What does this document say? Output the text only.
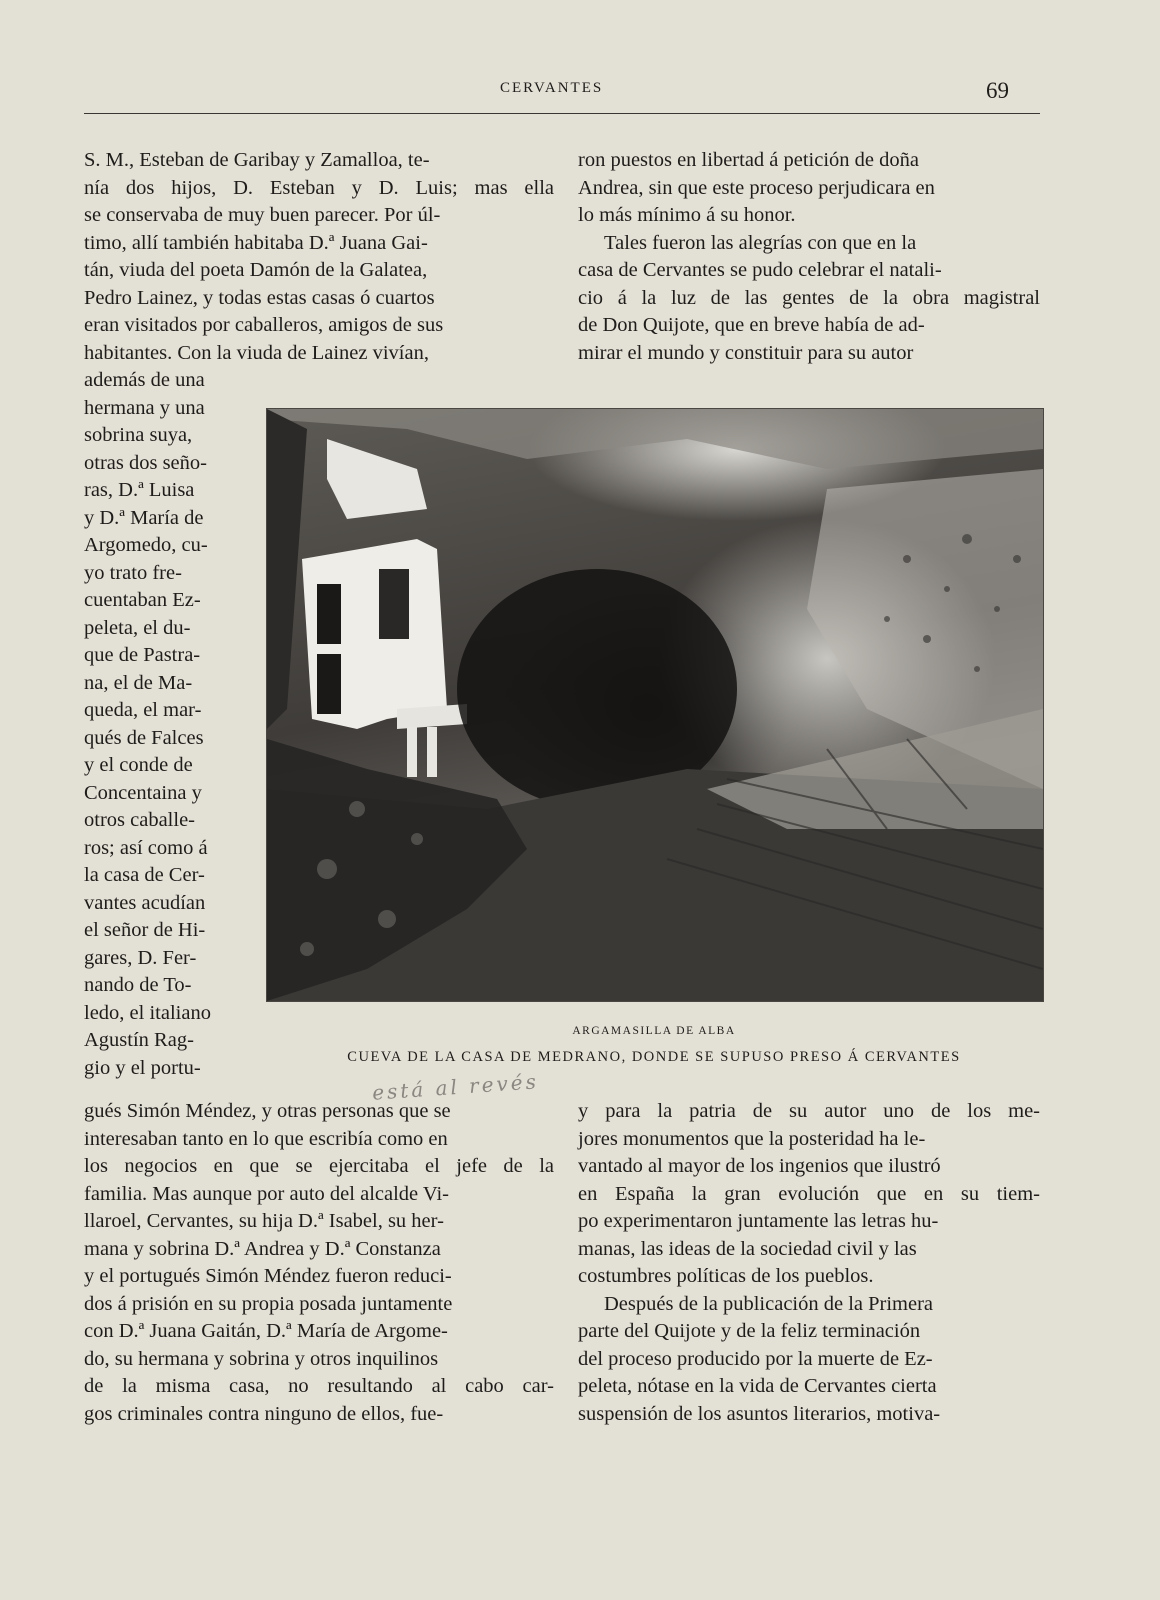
CERVANTES	69
S. M., Esteban de Garibay y Zamalloa, te-
nía dos hijos, D. Esteban y D. Luis; mas ella
se conservaba de muy buen parecer. Por úl-
timo, allí también habitaba D.ª Juana Gai-
tán, viuda del poeta Damón de la Galatea,
Pedro Lainez, y todas estas casas ó cuartos
eran visitados por caballeros, amigos de sus
habitantes. Con la viuda de Lainez vivían,
además de una
hermana y una
sobrina suya,
otras dos seño-
ras, D.ª Luisa
y D.ª María de
Argomedo, cu-
yo trato fre-
cuentaban Ez-
peleta, el du-
que de Pastra-
na, el de Ma-
queda, el mar-
qués de Falces
y el conde de
Concentaina y
otros caballe-
ros; así como á
la casa de Cer-
vantes acudían
el señor de Hi-
gares, D. Fer-
nando de To-
ledo, el italiano
Agustín Rag-
gio y el portu-
gués Simón Méndez, y otras personas que se
interesaban tanto en lo que escribía como en
los negocios en que se ejercitaba el jefe de la
familia. Mas aunque por auto del alcalde Vi-
llaroel, Cervantes, su hija D.ª Isabel, su her-
mana y sobrina D.ª Andrea y D.ª Constanza
y el portugués Simón Méndez fueron reduci-
dos á prisión en su propia posada juntamente
con D.ª Juana Gaitán, D.ª María de Argome-
do, su hermana y sobrina y otros inquilinos
de la misma casa, no resultando al cabo car-
gos criminales contra ninguno de ellos, fue-
ron puestos en libertad á petición de doña
Andrea, sin que este proceso perjudicara en
lo más mínimo á su honor.
Tales fueron las alegrías con que en la
casa de Cervantes se pudo celebrar el natali-
cio á la luz de las gentes de la obra magistral
de Don Quijote, que en breve había de ad-
mirar el mundo y constituir para su autor
y para la patria de su autor uno de los me-
jores monumentos que la posteridad ha le-
vantado al mayor de los ingenios que ilustró
en España la gran evolución que en su tiem-
po experimentaron juntamente las letras hu-
manas, las ideas de la sociedad civil y las
costumbres políticas de los pueblos.
Después de la publicación de la Primera
parte del Quijote y de la feliz terminación
del proceso producido por la muerte de Ez-
peleta, nótase en la vida de Cervantes cierta
suspensión de los asuntos literarios, motiva-
ARGAMASILLA DE ALBA
CUEVA DE LA CASA DE MEDRANO, DONDE SE SUPUSO PRESO Á CERVANTES
está al revés
